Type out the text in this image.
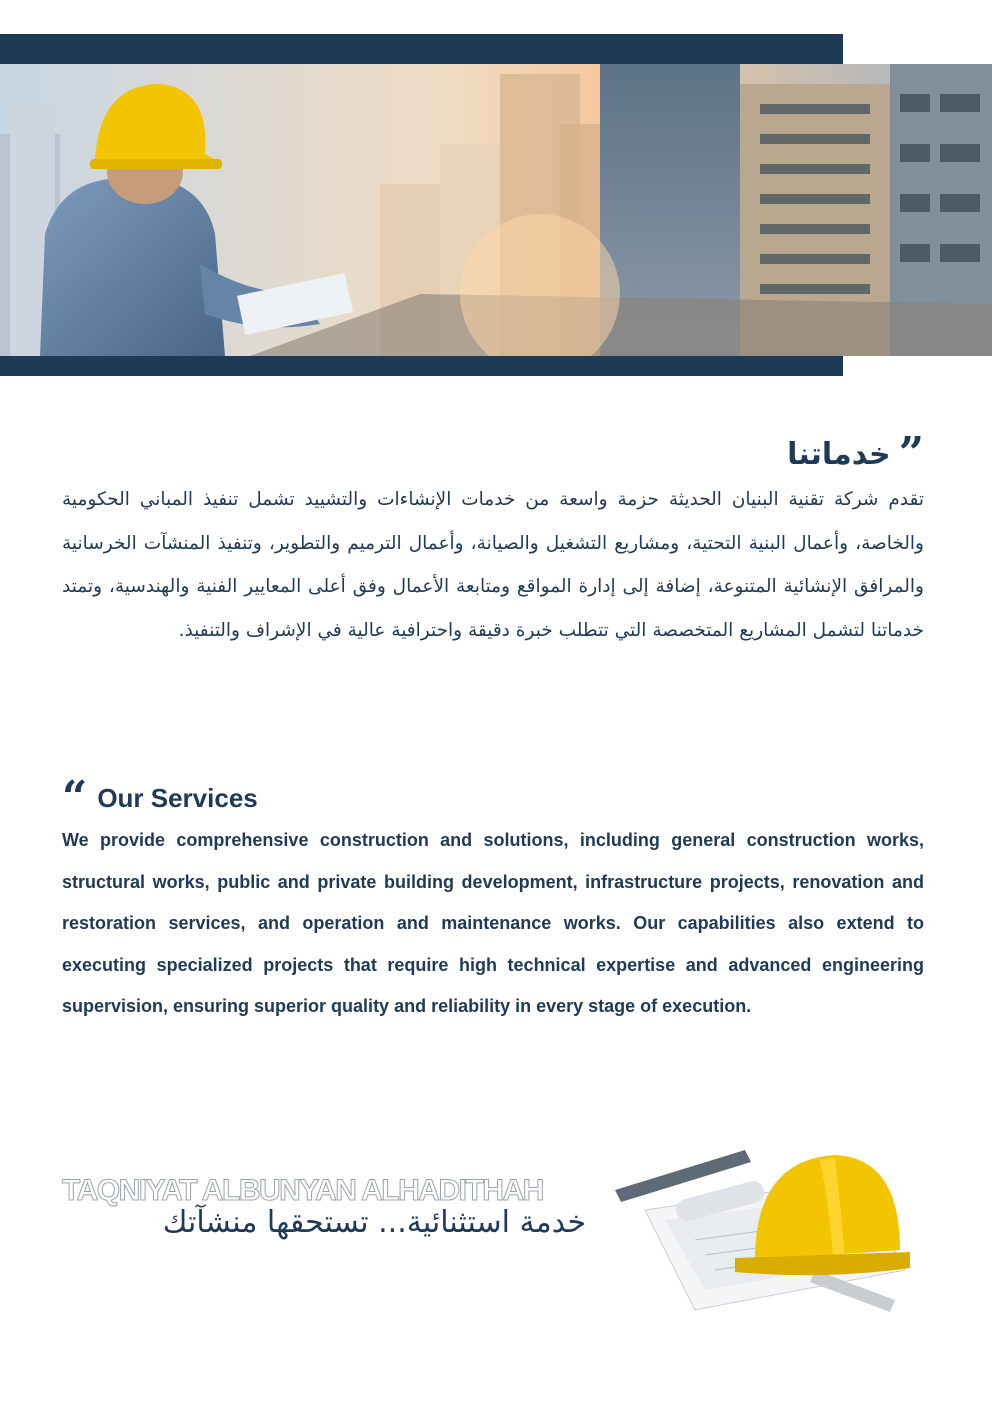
خدماتنا ”
تقدم شركة تقنية البنيان الحديثة حزمة واسعة من خدمات الإنشاءات والتشييد تشمل تنفيذ المباني الحكومية والخاصة، وأعمال البنية التحتية، ومشاريع التشغيل والصيانة، وأعمال الترميم والتطوير، وتنفيذ المنشآت الخرسانية والمرافق الإنشائية المتنوعة، إضافة إلى إدارة المواقع ومتابعة الأعمال وفق أعلى المعايير الفنية والهندسية، وتمتد خدماتنا لتشمل المشاريع المتخصصة التي تتطلب خبرة دقيقة واحترافية عالية في الإشراف والتنفيذ.
“ Our Services
We provide comprehensive construction and solutions, including general construction works, structural works, public and private building development, infrastructure projects, renovation and restoration services, and operation and maintenance works. Our capabilities also extend to executing specialized projects that require high technical expertise and advanced engineering supervision, ensuring superior quality and reliability in every stage of execution.
TAQNIYAT ALBUNYAN ALHADITHAH
خدمة استثنائية... تستحقها منشآتك
